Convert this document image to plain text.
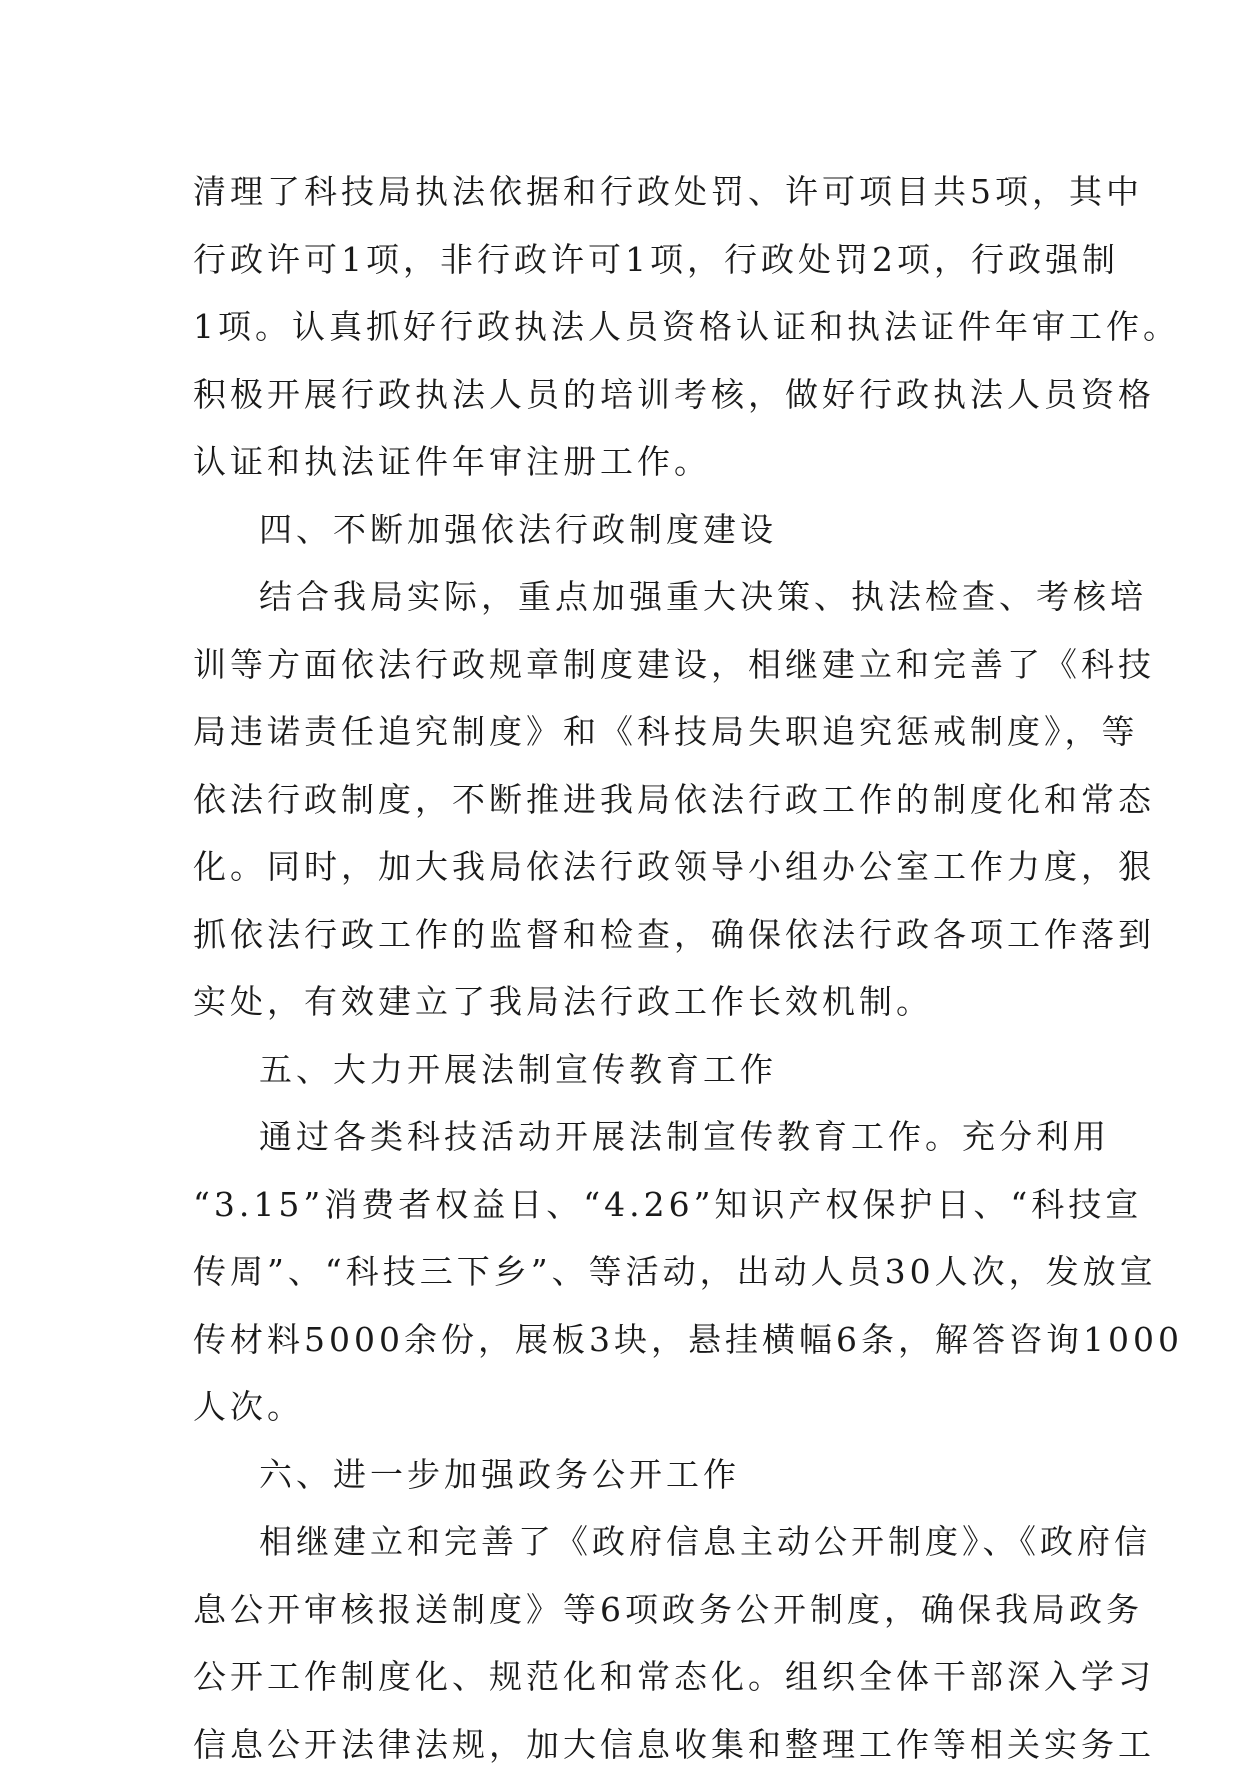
清理了科技局执法依据和行政处罚、许可项目共5项，其中
行政许可1项，非行政许可1项，行政处罚2项，行政强制
1项。认真抓好行政执法人员资格认证和执法证件年审工作。
积极开展行政执法人员的培训考核，做好行政执法人员资格
认证和执法证件年审注册工作。
四、不断加强依法行政制度建设
结合我局实际，重点加强重大决策、执法检查、考核培
训等方面依法行政规章制度建设，相继建立和完善了《科技
局违诺责任追究制度》和《科技局失职追究惩戒制度》，等
依法行政制度，不断推进我局依法行政工作的制度化和常态
化。同时，加大我局依法行政领导小组办公室工作力度，狠
抓依法行政工作的监督和检查，确保依法行政各项工作落到
实处，有效建立了我局法行政工作长效机制。
五、大力开展法制宣传教育工作
通过各类科技活动开展法制宣传教育工作。充分利用
“3.15”消费者权益日、“4.26”知识产权保护日、“科技宣
传周”、“科技三下乡”、等活动，出动人员30人次，发放宣
传材料5000余份，展板3块，悬挂横幅6条，解答咨询1000
人次。
六、进一步加强政务公开工作
相继建立和完善了《政府信息主动公开制度》、《政府信
息公开审核报送制度》等6项政务公开制度，确保我局政务
公开工作制度化、规范化和常态化。组织全体干部深入学习
信息公开法律法规，加大信息收集和整理工作等相关实务工
